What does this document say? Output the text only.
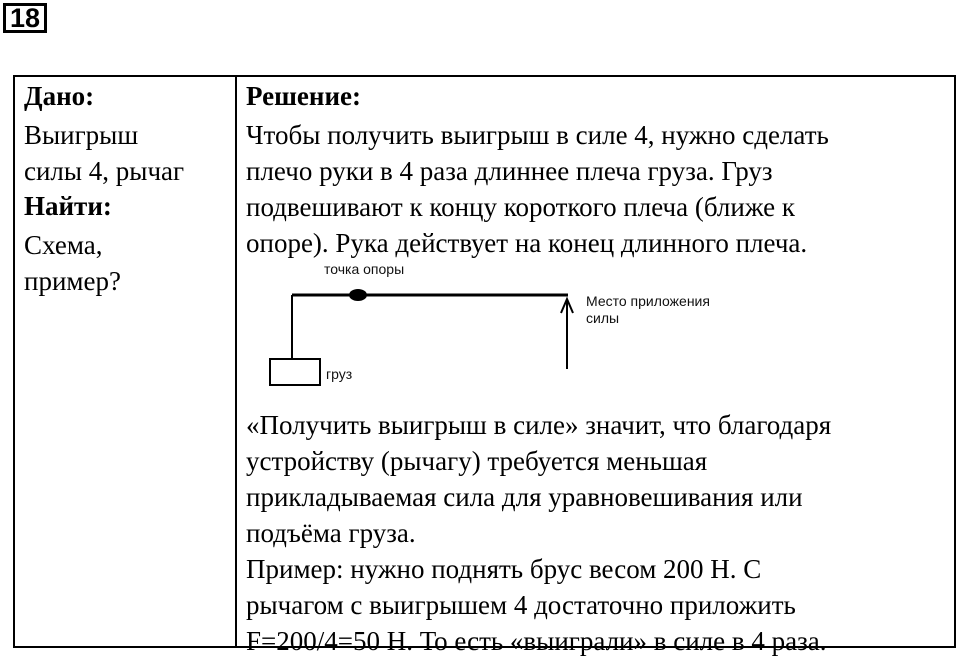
18

Дано:

Выигрыш

силы 4, рычаг

Найти:

Схема,

пример?

Решение:

Чтобы получить выигрыш в силе 4, нужно сделать

плечо руки в 4 раза длиннее плеча груза. Груз

подвешивают к концу короткого плеча (ближе к

опоре). Рука действует на конец длинного плеча.

точка опоры
Место приложения силы
груз

«Получить выигрыш в силе» значит, что благодаря

устройству (рычагу) требуется меньшая

прикладываемая сила для уравновешивания или

подъёма груза.

Пример: нужно поднять брус весом 200 Н. С

рычагом с выигрышем 4 достаточно приложить

F=200/4=50 Н. То есть «выиграли» в силе в 4 раза.
